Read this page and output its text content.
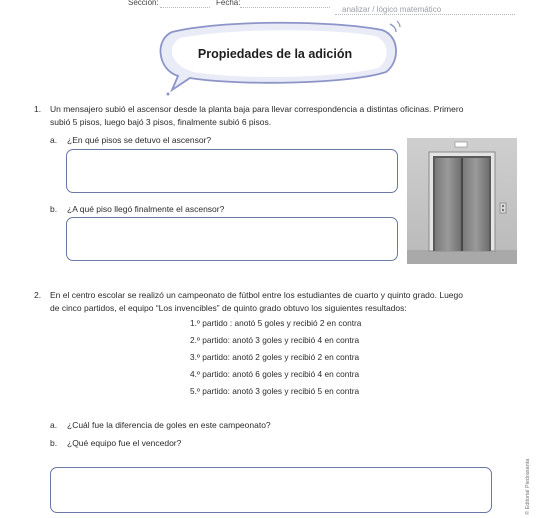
Sección:	Fecha:
analizar / lógico matemático
Propiedades de la adición
1. Un mensajero subió el ascensor desde la planta baja para llevar correspondencia a distintas oficinas. Primero
subió 5 pisos, luego bajó 3 pisos, finalmente subió 6 pisos.
a. ¿En qué pisos se detuvo el ascensor?
b. ¿A qué piso llegó finalmente el ascensor?
2. En el centro escolar se realizó un campeonato de fútbol entre los estudiantes de cuarto y quinto grado. Luego
de cinco partidos, el equipo “Los invencibles” de quinto grado obtuvo los siguientes resultados:
1.º partido : anotó 5 goles y recibió 2 en contra
2.º partido: anotó 3 goles y recibió 4 en contra
3.º partido: anotó 2 goles y recibió 2 en contra
4.º partido: anotó 6 goles y recibió 4 en contra
5.º partido: anotó 3 goles y recibió 5 en contra
a. ¿Cuál fue la diferencia de goles en este campeonato?
b. ¿Qué equipo fue el vencedor?
© Editorial Piedrasanta
